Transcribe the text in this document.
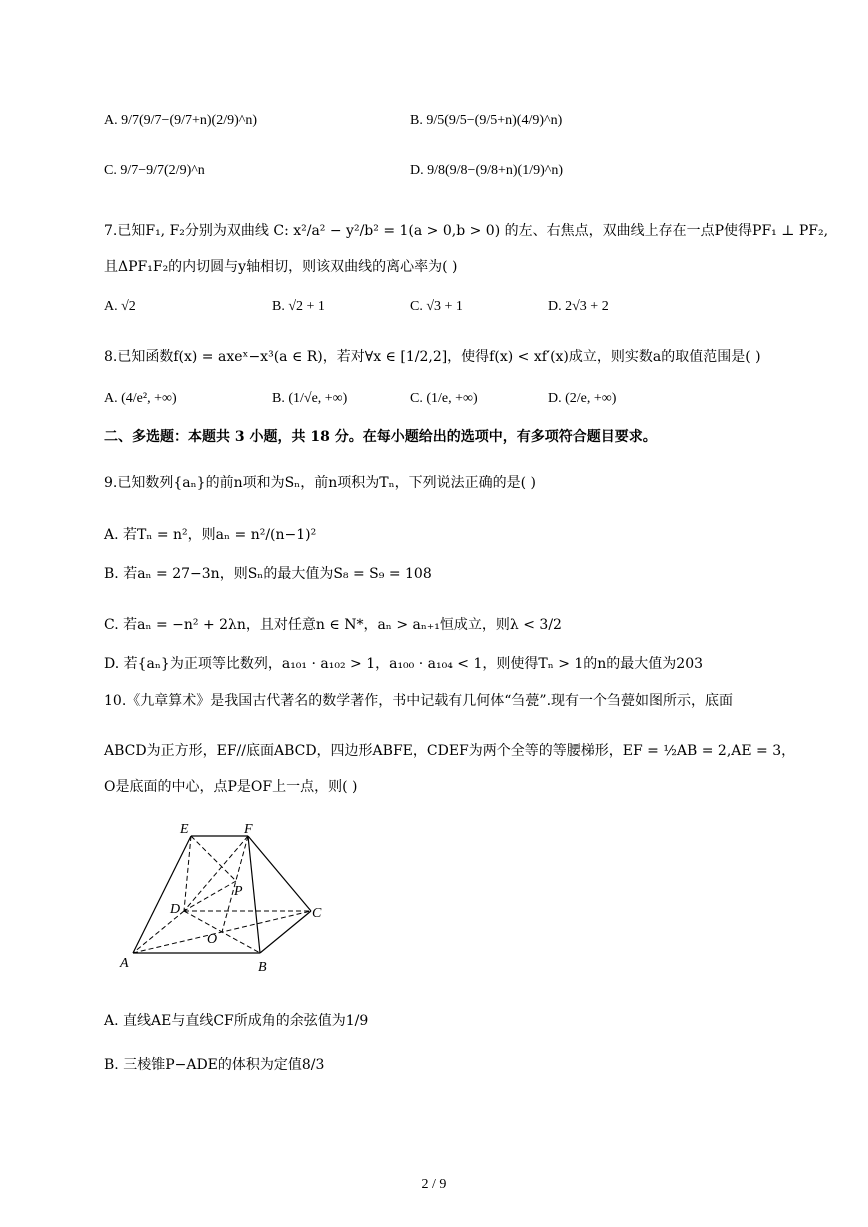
A. 9/7(9/7−(9/7+n)(2/9)^n)	B. 9/5(9/5−(9/5+n)(4/9)^n)
C. 9/7−9/7(2/9)^n	D. 9/8(9/8−(9/8+n)(1/9)^n)
7.已知F₁, F₂分别为双曲线 C: x²/a² − y²/b² = 1(a > 0,b > 0) 的左、右焦点，双曲线上存在一点P使得PF₁ ⊥ PF₂,
且ΔPF₁F₂的内切圆与y轴相切，则该双曲线的离心率为( )
A. √2	B. √2 + 1	C. √3 + 1	D. 2√3 + 2
8.已知函数f(x) = axeˣ−x³(a ∈ R)，若对∀x ∈ [1/2,2]，使得f(x) < xf′(x)成立，则实数a的取值范围是( )
A. (4/e², +∞)	B. (1/√e, +∞)	C. (1/e, +∞)	D. (2/e, +∞)
二、多选题：本题共 3 小题，共 18 分。在每小题给出的选项中，有多项符合题目要求。
9.已知数列{aₙ}的前n项和为Sₙ，前n项积为Tₙ，下列说法正确的是( )
A. 若Tₙ = n²，则aₙ = n²/(n−1)²
B. 若aₙ = 27−3n，则Sₙ的最大值为S₈ = S₉ = 108
C. 若aₙ = −n² + 2λn，且对任意n ∈ N*，aₙ > aₙ₊₁恒成立，则λ < 3/2
D. 若{aₙ}为正项等比数列，a₁₀₁ · a₁₀₂ > 1，a₁₀₀ · a₁₀₄ < 1，则使得Tₙ > 1的n的最大值为203
10.《九章算术》是我国古代著名的数学著作，书中记载有几何体“刍甍”.现有一个刍甍如图所示，底面
ABCD为正方形，EF//底面ABCD，四边形ABFE，CDEF为两个全等的等腰梯形，EF = ½AB = 2,AE = 3，
O是底面的中心，点P是OF上一点，则( )
E	F
P
D	C
O
A	B
A. 直线AE与直线CF所成角的余弦值为1/9
B. 三棱锥P−ADE的体积为定值8/3
2 / 9
